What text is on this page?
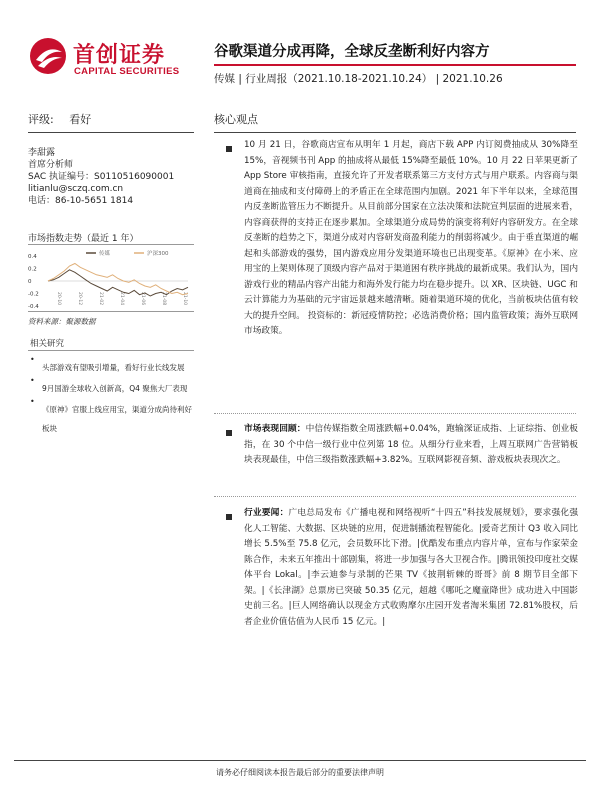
首创证券
CAPITAL SECURITIES
谷歌渠道分成再降，全球反垄断利好内容方
传媒 | 行业周报（2021.10.18-2021.10.24） | 2021.10.26
评级: 看好	核心观点
李甜露
首席分析师
SAC 执证编号：S0110516090001
litianlu@sczq.com.cn
电话：86-10-5651 1814
市场指数走势（最近 1 年）
传媒	沪深300
0.4
0.2
0
-0.2
-0.4
20-10	20-12	21-02	21-04	21-06	21-08	21-10
资料来源：聚源数据
相关研究
•
头部游戏有望吸引增量，看好行业长线发展
•
9月国游全球收入创新高，Q4 聚焦大厂表现
•
《原神》官服上线应用宝，渠道分成尚待利好板块
10 月 21 日，谷歌商店宣布从明年 1 月起，商店下载 APP 内订阅费抽成从 30%降至 15%，音视频书刊 App 的抽成将从最低 15%降至最低 10%。10 月 22 日苹果更新了 App Store 审核指南，直接允许了开发者联系第三方支付方式与用户联系。内容商与渠道商在抽成和支付障碍上的矛盾正在全球范围内加剧。2021 年下半年以来，全球范围内反垄断监管压力不断提升。从目前部分国家在立法决策和法院宣判层面的进展来看，内容商获得的支持正在逐步累加。全球渠道分成局势的演变将利好内容研发方。在全球反垄断的趋势之下，渠道分成对内容研发商盈利能力的削弱将减少。由于垂直渠道的崛起和头部游戏的强势，国内游戏应用分发渠道环境也已出现变革。《原神》在小米、应用宝的上架则体现了顶级内容产品对于渠道困有秩序挑战的最新成果。我们认为，国内游戏行业的精品内容产出能力和海外发行能力均在稳步提升。以 XR、区块链、UGC 和云计算能力为基础的元宇宙远景越来越清晰。随着渠道环境的优化，当前板块估值有较大的提升空间。 投资标的：新冠疫情防控；必选消费价格；国内监管政策；海外互联网市场政策。
市场表现回顾：中信传媒指数全周涨跌幅+0.04%，跑输深证成指、上证综指、创业板指，在 30 个中信一级行业中位列第 18 位。从细分行业来看，上周互联网广告营销板块表现最佳，中信三级指数涨跌幅+3.82%。互联网影视音频、游戏板块表现次之。
行业要闻：广电总局发布《广播电视和网络视听“十四五”科技发展规划》，要求强化强化人工智能、大数据、区块链的应用，促进制播流程智能化。|爱奇艺预计 Q3 收入同比增长 5.5%至 75.8 亿元，会员数环比下滑。|优酷发布重点内容片单，宣布与作家荣金陈合作，未来五年推出十部剧集，将进一步加强与各大卫视合作。|腾讯领投印度社交媒体平台 Lokal。|李云迪参与录制的芒果 TV《披荆斩棘的哥哥》前 8 期节目全部下架。|《长津湖》总票房已突破 50.35 亿元，超越《哪吒之魔童降世》成功进入中国影史前三名。|巨人网络确认以现金方式收购摩尔庄园开发者淘米集团 72.81%股权，后者企业价值估值为人民币 15 亿元。|
请务必仔细阅读本报告最后部分的重要法律声明
